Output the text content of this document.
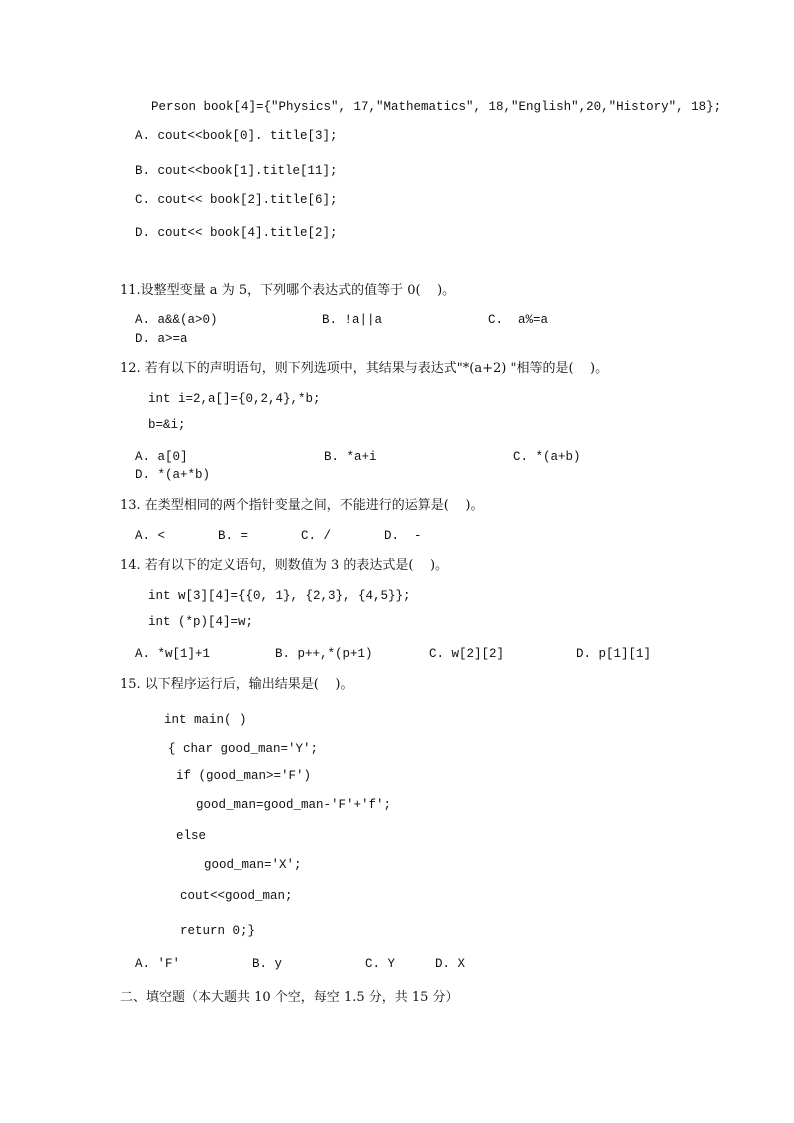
Person book[4]={"Physics", 17,"Mathematics", 18,"English",20,"History", 18};
A. cout<<book[0]. title[3];
B. cout<<book[1].title[11];
C. cout<< book[2].title[6];
D. cout<< book[4].title[2];
11.设整型变量 a 为 5，下列哪个表达式的值等于 0(    )。
A. a&&(a>0)	B. !a||a	C.  a%=a
D. a>=a
12. 若有以下的声明语句，则下列选项中，其结果与表达式"*(a+2) "相等的是(    )。
int i=2,a[]={0,2,4},*b;
b=&i;
A. a[0]	B. *a+i	C. *(a+b)
D. *(a+*b)
13. 在类型相同的两个指针变量之间，不能进行的运算是(    )。
A. <	B. =	C. /	D.  -
14. 若有以下的定义语句，则数值为 3 的表达式是(    )。
int w[3][4]={{0, 1}, {2,3}, {4,5}};
int (*p)[4]=w;
A. *w[1]+1	B. p++,*(p+1)	C. w[2][2]	D. p[1][1]
15. 以下程序运行后，输出结果是(    )。
int main( )
{ char good_man='Y';
if (good_man>='F')
good_man=good_man-'F'+'f';
else
good_man='X';
cout<<good_man;
return 0;}
A. 'F'	B. y	C. Y	D. X
二、填空题（本大题共 10 个空，每空 1.5 分，共 15 分）
